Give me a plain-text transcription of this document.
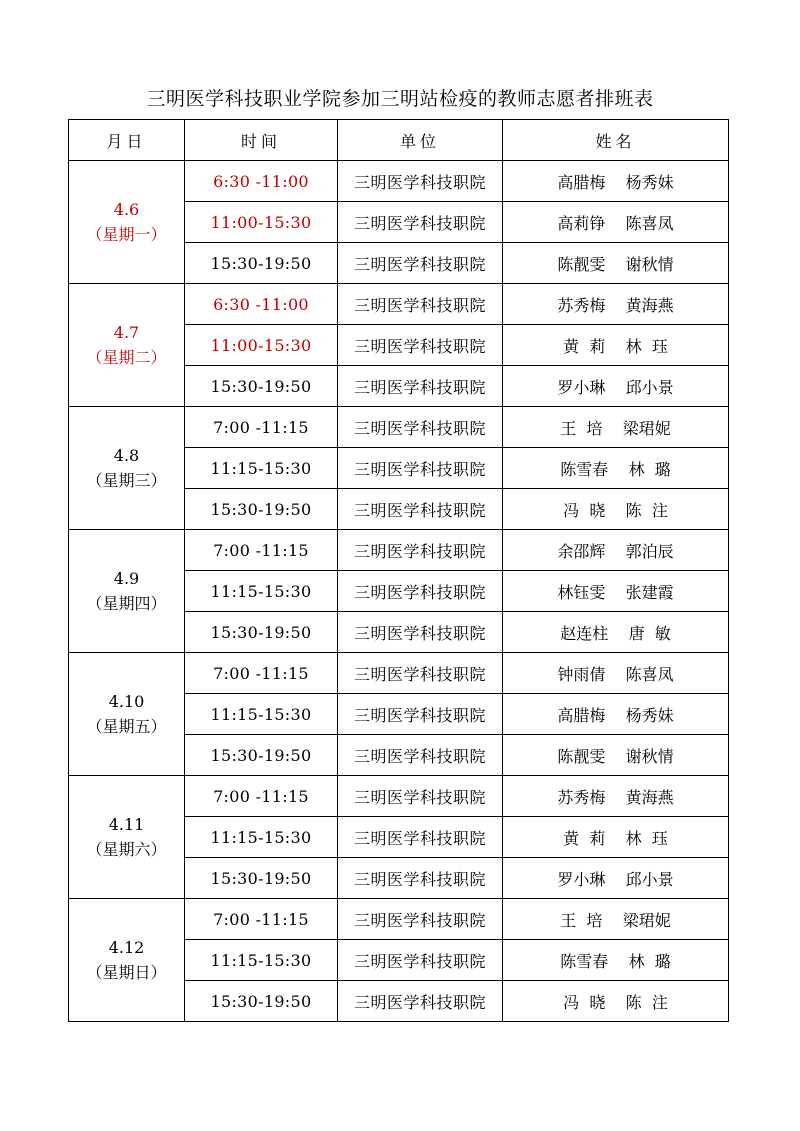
三明医学科技职业学院参加三明站检疫的教师志愿者排班表
月日	时间	单位	姓名

4.6
（星期一）	6:30 -11:00	三明医学科技职院	高腊梅    杨秀妹
	11:00-15:30	三明医学科技职院	高莉铮    陈喜凤
	15:30-19:50	三明医学科技职院	陈靓雯    谢秋情

4.7
（星期二）	6:30 -11:00	三明医学科技职院	苏秀梅    黄海燕
	11:00-15:30	三明医学科技职院	黄  莉    林  珏
	15:30-19:50	三明医学科技职院	罗小琳    邱小景

4.8
（星期三）	7:00 -11:15	三明医学科技职院	王  培    梁珺妮
	11:15-15:30	三明医学科技职院	陈雪春    林  璐
	15:30-19:50	三明医学科技职院	冯  晓    陈  注

4.9
（星期四）	7:00 -11:15	三明医学科技职院	余邵辉    郭泊辰
	11:15-15:30	三明医学科技职院	林钰雯    张建霞
	15:30-19:50	三明医学科技职院	赵连柱    唐  敏

4.10
（星期五）	7:00 -11:15	三明医学科技职院	钟雨倩    陈喜凤
	11:15-15:30	三明医学科技职院	高腊梅    杨秀妹
	15:30-19:50	三明医学科技职院	陈靓雯    谢秋情

4.11
（星期六）	7:00 -11:15	三明医学科技职院	苏秀梅    黄海燕
	11:15-15:30	三明医学科技职院	黄  莉    林  珏
	15:30-19:50	三明医学科技职院	罗小琳    邱小景

4.12
（星期日）	7:00 -11:15	三明医学科技职院	王  培    梁珺妮
	11:15-15:30	三明医学科技职院	陈雪春    林  璐
	15:30-19:50	三明医学科技职院	冯  晓    陈  注
